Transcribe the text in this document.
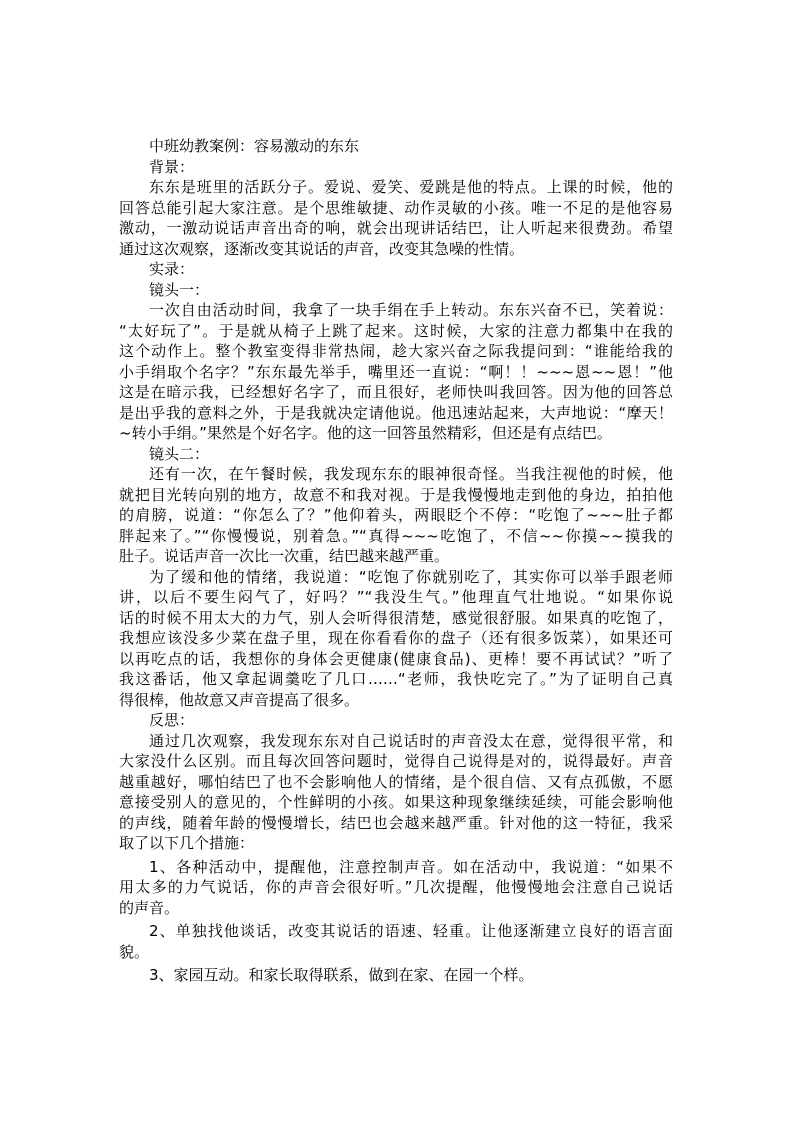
中班幼教案例：容易激动的东东
背景：
东东是班里的活跃分子。爱说、爱笑、爱跳是他的特点。上课的时候，他的
回答总能引起大家注意。是个思维敏捷、动作灵敏的小孩。唯一不足的是他容易
激动，一激动说话声音出奇的响，就会出现讲话结巴，让人听起来很费劲。希望
通过这次观察，逐渐改变其说话的声音，改变其急噪的性情。
实录：
镜头一：
一次自由活动时间，我拿了一块手绢在手上转动。东东兴奋不已，笑着说：
“太好玩了”。于是就从椅子上跳了起来。这时候，大家的注意力都集中在我的
这个动作上。整个教室变得非常热闹，趁大家兴奋之际我提问到：“谁能给我的
小手绢取个名字？”东东最先举手，嘴里还一直说：“啊！！~~~恩~~恩！”他
这是在暗示我，已经想好名字了，而且很好，老师快叫我回答。因为他的回答总
是出乎我的意料之外，于是我就决定请他说。他迅速站起来，大声地说：“摩天！
~转小手绢。”果然是个好名字。他的这一回答虽然精彩，但还是有点结巴。
镜头二：
还有一次，在午餐时候，我发现东东的眼神很奇怪。当我注视他的时候，他
就把目光转向别的地方，故意不和我对视。于是我慢慢地走到他的身边，拍拍他
的肩膀，说道：“你怎么了？”他仰着头，两眼眨个不停：“吃饱了~~~肚子都
胖起来了。”“你慢慢说，别着急。”“真得~~~吃饱了，不信~~你摸~~摸我的
肚子。说话声音一次比一次重，结巴越来越严重。
为了缓和他的情绪，我说道：“吃饱了你就别吃了，其实你可以举手跟老师
讲，以后不要生闷气了，好吗？”“我没生气。”他理直气壮地说。“如果你说
话的时候不用太大的力气，别人会听得很清楚，感觉很舒服。如果真的吃饱了，
我想应该没多少菜在盘子里，现在你看看你的盘子（还有很多饭菜），如果还可
以再吃点的话，我想你的身体会更健康(健康食品)、更棒！要不再试试？”听了
我这番话，他又拿起调羹吃了几口……“老师，我快吃完了。”为了证明自己真
得很棒，他故意又声音提高了很多。
反思：
通过几次观察，我发现东东对自己说话时的声音没太在意，觉得很平常，和
大家没什么区别。而且每次回答问题时，觉得自己说得是对的，说得最好。声音
越重越好，哪怕结巴了也不会影响他人的情绪，是个很自信、又有点孤傲，不愿
意接受别人的意见的，个性鲜明的小孩。如果这种现象继续延续，可能会影响他
的声线，随着年龄的慢慢增长，结巴也会越来越严重。针对他的这一特征，我采
取了以下几个措施：
1、各种活动中，提醒他，注意控制声音。如在活动中，我说道：“如果不
用太多的力气说话，你的声音会很好听。”几次提醒，他慢慢地会注意自己说话
的声音。
2、单独找他谈话，改变其说话的语速、轻重。让他逐渐建立良好的语言面
貌。
3、家园互动。和家长取得联系，做到在家、在园一个样。
